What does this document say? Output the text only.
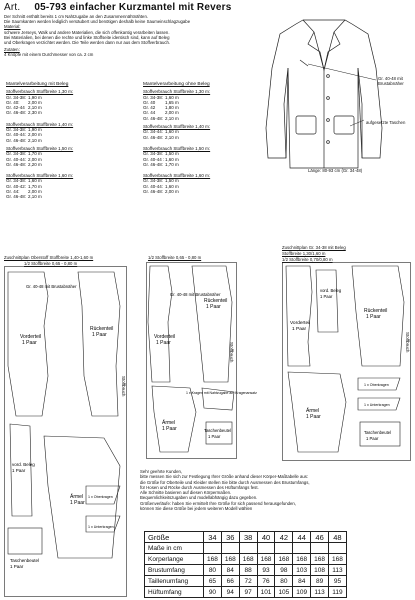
Art. 05-793 einfacher Kurzmantel mit Revers
Der Schnitt enthält bereits 1 cm Nahtzugabe an den Zusammennähtnähten.
Die Saumkanten werden lediglich versäubert und benötigen deshalb keine Saumeinschlagzugabe
Material:
schwere Jerseys, Walk und andere Materialien, die sich offenkantig verarbeiten lassen.
Bei Materialien, bei denen die rechte und linke Stoffseite identisch sind, kann auf Beleg
und Oberkragen verzichtet werden. Die Teile werden dann nur aus dem Stoffverbrauch.
Zutaten:
4 Knöpfe mit einem Durchmesser von ca. 2 cm
Gr. 40-48 mit Brustabnäher
aufgesetzte Taschen
Länge: 80-93 cm (Gr. 34-48)
Mantelverarbeitung mit Beleg
Stoffverbrauch Stoffbreite 1,30 m:
Gr. 34-38: 1,90 m
Gr. 40:	2,00 m
Gr. 42-44 2,10 m
Gr. 46-48: 2,30 m
Stoffverbrauch Stoffbreite 1,40 m:
Gr. 34-38: 1,90 m
Gr. 40-44: 2,00 m
Gr. 46-48: 2,10 m
Stoffverbrauch Stoffbreite 1,50 m:
Gr. 34-38: 1,70 m
Gr. 40-44: 2,00 m
Gr. 46-48: 2,20 m
Stoffverbrauch Stoffbreite 1,60 m:
Gr. 34-38: 1,60 m
Gr. 40-42: 1,70 m
Gr. 44:	2,00 m
Gr. 46-48: 2,10 m
Mantelverarbeitung ohne Beleg
Stoffverbrauch Stoffbreite 1,30 m:
Gr. 34-38: 1,60 m
Gr. 40	1,65 m
Gr. 42	1,80 m
Gr. 44	2,00 m
Gr. 46-48: 2,10 m
Stoffverbrauch Stoffbreite 1,40 m:
Gr. 34-44: 1,60 m
Gr. 46-48: 2,10 m
Stoffverbrauch Stoffbreite 1,50 m:
Gr. 34-38: 1,50 m
Gr. 40-44 : 1,60 m
Gr. 46-48: 1,70 m
Stoffverbrauch Stoffbreite 1,60 m:
Gr. 34-38: 1,50 m
Gr. 40-44: 1,60 m
Gr. 46-48: 2,00 m
Zuschnittplan Oberstoff Stoffbreite 1,40-1,60 m
1/2 Stoffbreite 0,65 - 0,80 m
1/2 Stoffbreite 0,65 - 0,80 m
Zuschnittplan Gr. 34-38 mit Beleg
Stoffbreite 1,30/1,60 m
1/2 Stoffbreite 0,70/0,80 m
Gr. 40-48 mit Brustabnäher
Vorderteil
1 Paar
Rückenteil
1 Paar
Stoffbruch
vord. Beleg
1 Paar
Ärmel
1 Paar
Taschenbeutel
1 Paar
1 x Oberkragen
1 x Unterkragen
Gr. 40-48 mit Brustabnäher
Vorderteil
1 Paar
Rückenteil
1 Paar
Stoffbruch
1 x Kragen mit Nahtzugabe am Kragenansatz
Ärmel
1 Paar	Taschenbeutel
1 Paar
Vorderteil
1 Paar
vord. Beleg
1 Paar
Rückenteil
1 Paar
Stoffbruch
Ärmel
1 Paar
1 x Oberkragen
1 x Unterkragen
Taschenbeutel
1 Paar
Sehr geehrte Kunden,
bitte messen Sie sich zur Festlegung Ihrer Größe anhand dieser Körper-Maßtabelle aus:
die Größe für Oberteile und Kleider stellen Sie bitte durch Ausmessen des Brustumfangs,
für Hosen und Röcke durch Ausmessen des Hüftumfangs fest.
Alle Schnitte basieren auf diesen Körpermaßen.
Bequemlichkeitszugaben und modellabhängig dazu gegeben.
Größenverläufe: haben Sie ermittelt Ihre Größe für sich passend herausgefunden,
können Sie diese Größe bei jedem weiteren Modell wählen
Größe	34	36	38	40	42	44	46	48
Maße in cm								
Korperlange	168	168	168	168	168	168	168	168
Brustumfang	80	84	88	93	98	103	108	113
Taillenumfang	65	66	72	76	80	84	89	95
Hüftumfang	90	94	97	101	105	109	113	119
